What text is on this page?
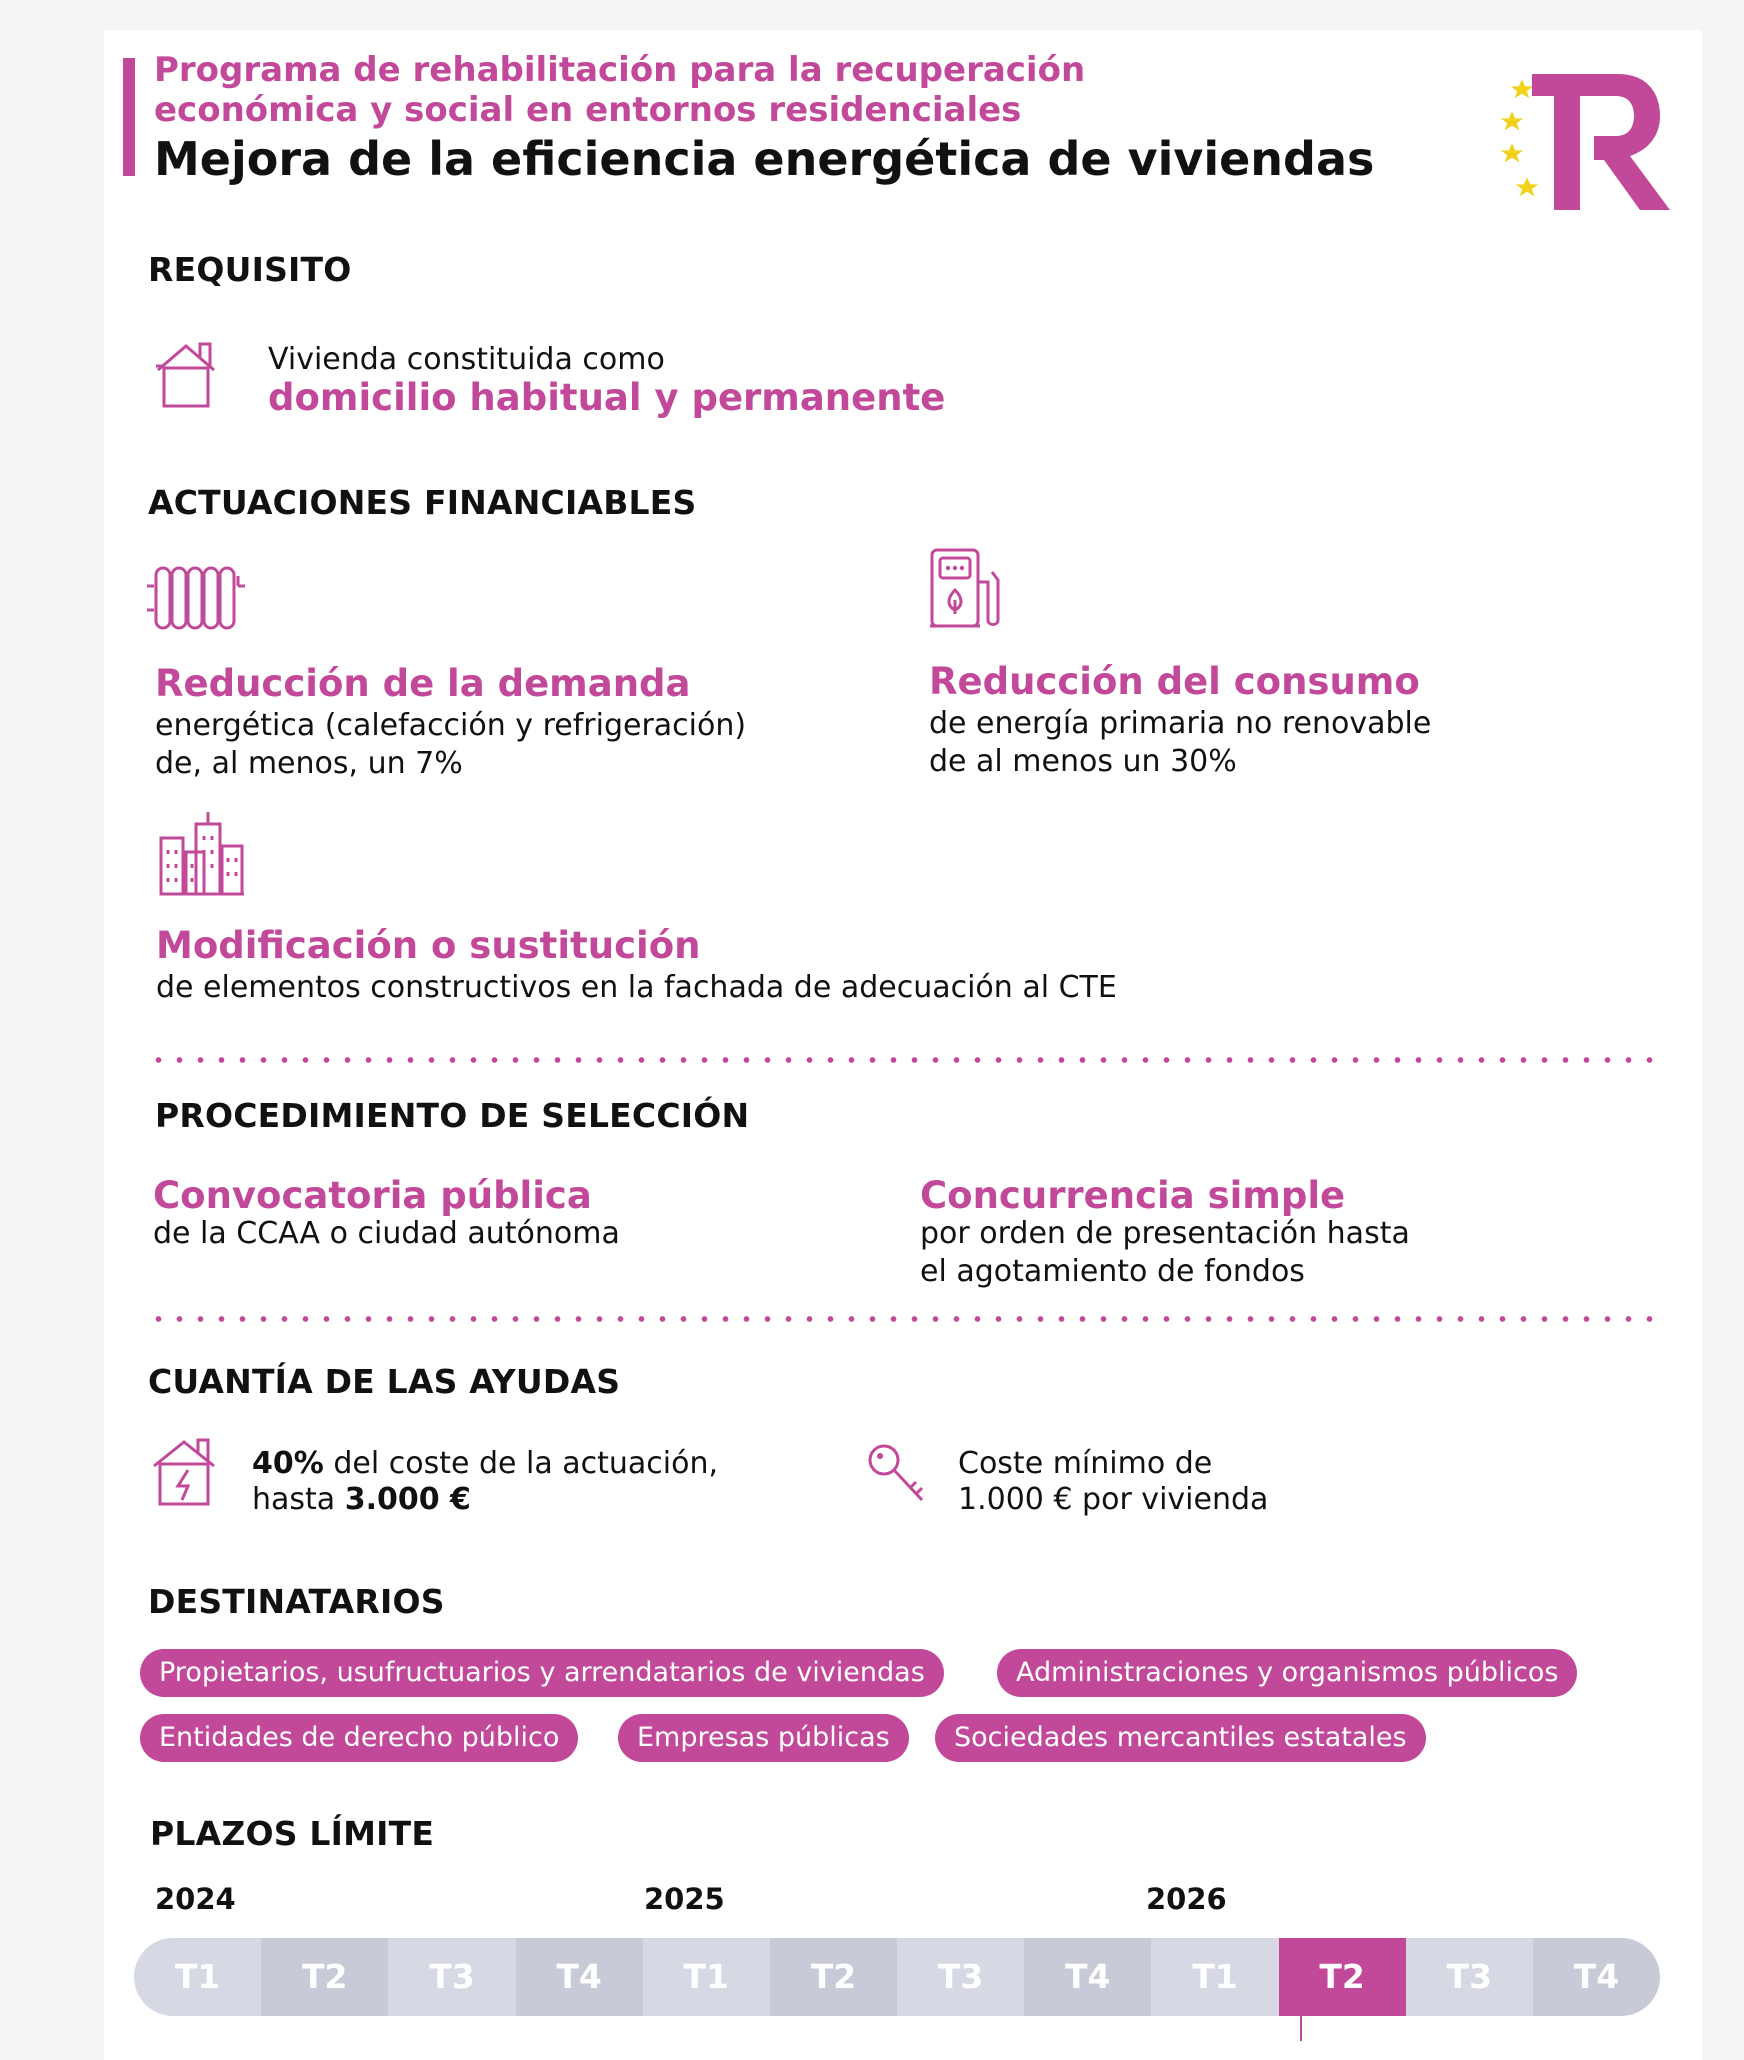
Programa de rehabilitación para la recuperación
económica y social en entornos residenciales
Mejora de la eficiencia energética de viviendas
REQUISITO
Vivienda constituida como
domicilio habitual y permanente
ACTUACIONES FINANCIABLES
Reducción de la demanda
energética (calefacción y refrigeración)
de, al menos, un 7%
Reducción del consumo
de energía primaria no renovable
de al menos un 30%
Modificación o sustitución
de elementos constructivos en la fachada de adecuación al CTE
PROCEDIMIENTO DE SELECCIÓN
Convocatoria pública
de la CCAA o ciudad autónoma
Concurrencia simple
por orden de presentación hasta
el agotamiento de fondos
CUANTÍA DE LAS AYUDAS
40% del coste de la actuación,
hasta 3.000 €
Coste mínimo de
1.000 € por vivienda
DESTINATARIOS
Propietarios, usufructuarios y arrendatarios de viviendas	Administraciones y organismos públicos
Entidades de derecho público	Empresas públicas	Sociedades mercantiles estatales
PLAZOS LÍMITE
2024	2025	2026
T1	T2	T3	T4	T1	T2	T3	T4	T1	T2	T3	T4
